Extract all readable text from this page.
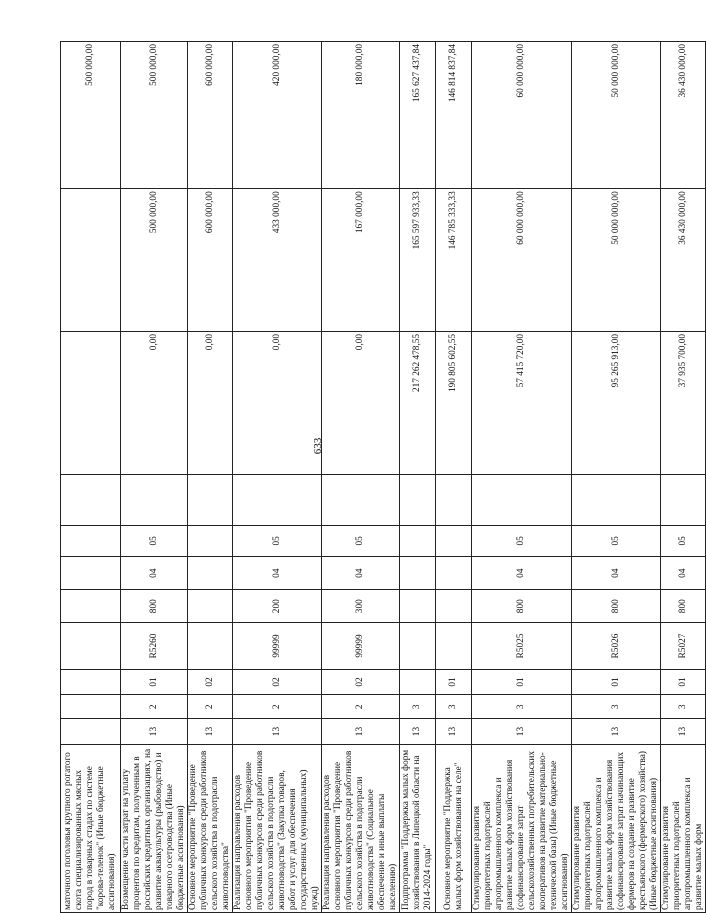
633
маточного поголовья крупного рогатого скота специализированных мясных пород в товарных стадах по системе "корова-теленок" (Иные бюджетные ассигнования)											500 000,00
Возмещение части затрат на уплату процентов по кредитам, полученным в российских кредитных организациях, на развитие аквакультуры (рыбоводство) и товарного осетроводства (Иные бюджетные ассигнования)	13	2	01	R5260	800	04	05		0,00	500 000,00	500 000,00
Основное мероприятие "Проведение публичных конкурсов среди работников сельского хозяйства в подотрасли животноводства"	13	2	02						0,00	600 000,00	600 000,00
Реализация направления расходов основного мероприятия "Проведение публичных конкурсов среди работников сельского хозяйства в подотрасли животноводства" (Закупка товаров, работ и услуг для обеспечения государственных (муниципальных) нужд)	13	2	02	99999	200	04	05		0,00	433 000,00	420 000,00
Реализация направления расходов основного мероприятия "Проведение публичных конкурсов среди работников сельского хозяйства в подотрасли животноводства" (Социальное обеспечение и иные выплаты населению)	13	2	02	99999	300	04	05		0,00	167 000,00	180 000,00
Подпрограмма "Поддержка малых форм хозяйствования в Липецкой области на 2014-2024 годы"	13	3							217 262 478,55	165 597 933,33	165 627 437,84
Основное мероприятие "Поддержка малых форм хозяйствования на селе"	13	3	01						190 805 602,55	146 785 333,33	146 814 837,84
Стимулирование развития приоритетных подотраслей агропромышленного комплекса и развитие малых форм хозяйствования (софинансирование затрат сельскохозяйственных потребительских кооперативов на развитие материально-технической базы) (Иные бюджетные ассигнования)	13	3	01	R5025	800	04	05		57 415 720,00	60 000 000,00	60 000 000,00
Стимулирование развития приоритетных подотраслей агропромышленного комплекса и развитие малых форм хозяйствования (софинансирование затрат начинающих фермеров на создание и развитие крестьянского (фермерского) хозяйства) (Иные бюджетные ассигнования)	13	3	01	R5026	800	04	05		95 265 913,00	50 000 000,00	50 000 000,00
Стимулирование развития приоритетных подотраслей агропромышленного комплекса и развитие малых форм	13	3	01	R5027	800	04	05		37 935 700,00	36 430 000,00	36 430 000,00
